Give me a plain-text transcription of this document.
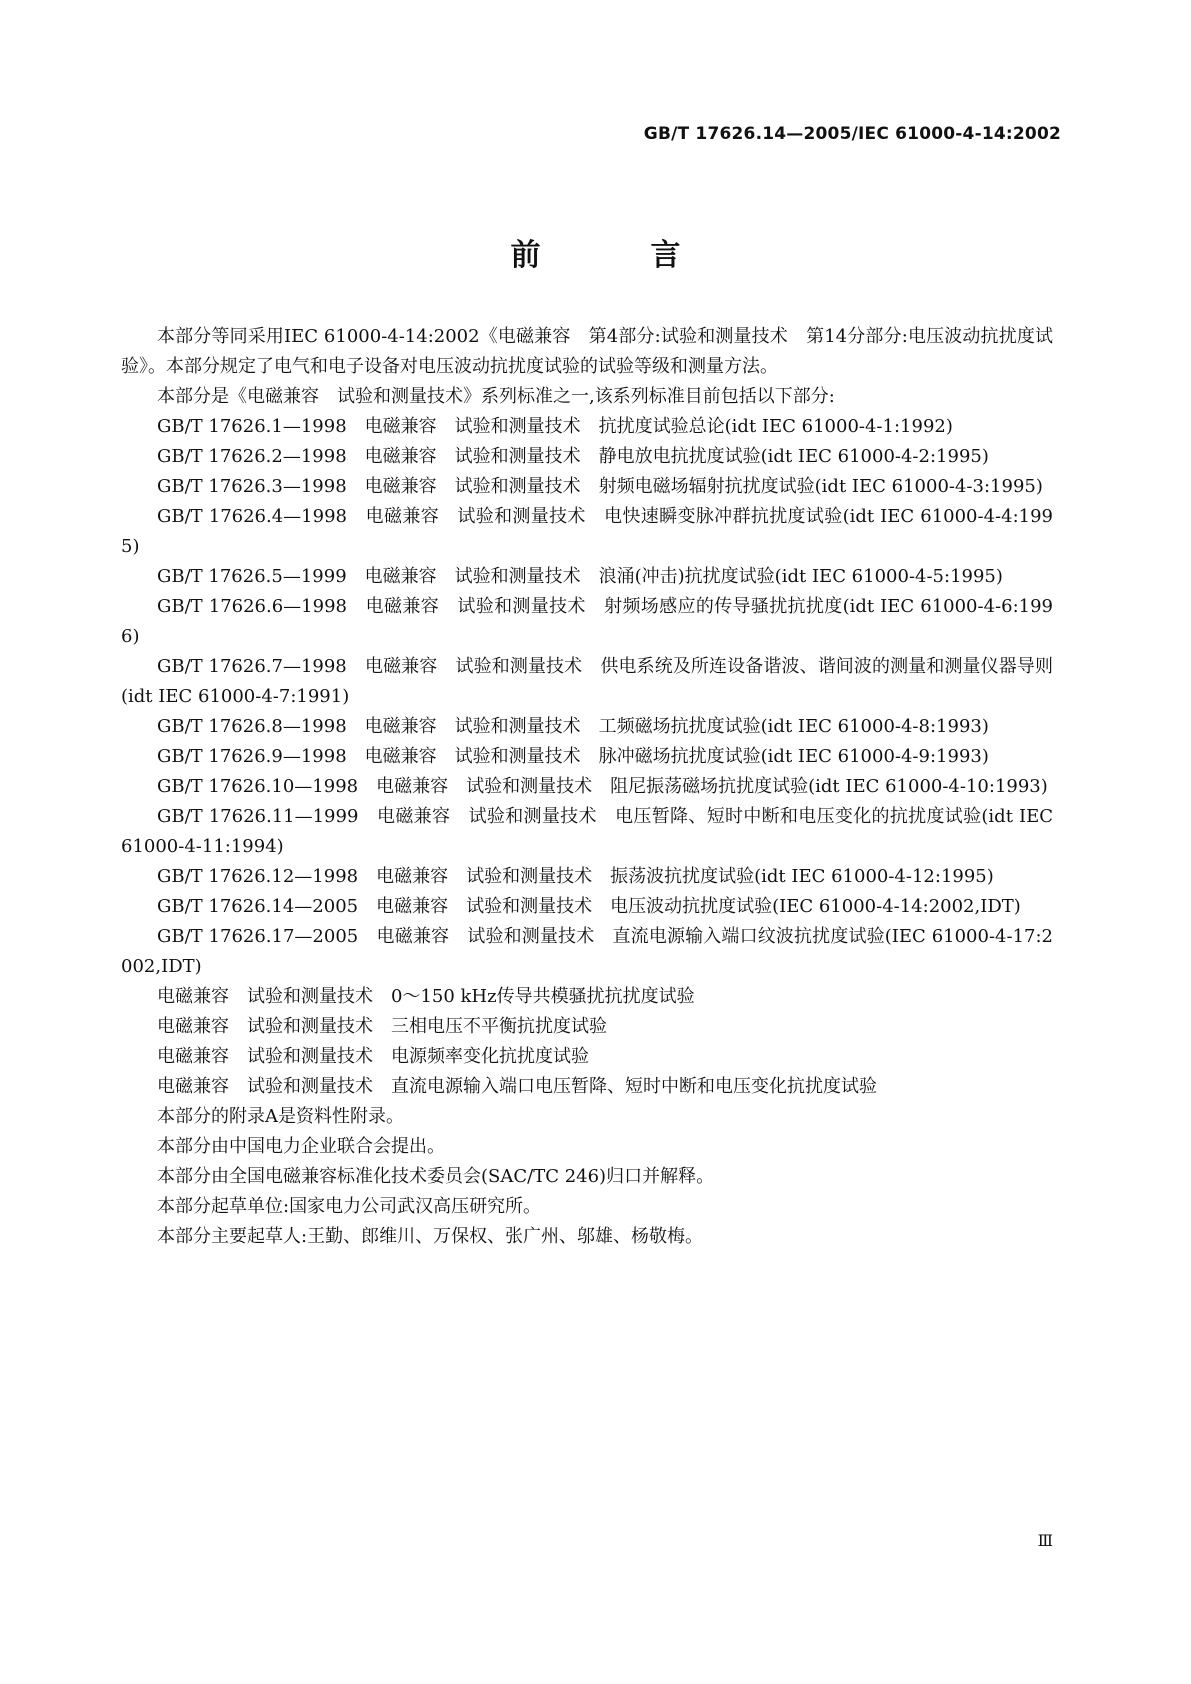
GB/T 17626.14—2005/IEC 61000-4-14:2002
前　言

本部分等同采用IEC 61000-4-14:2002《电磁兼容　第4部分:试验和测量技术　第14分部分:电压波动抗扰度试验》。本部分规定了电气和电子设备对电压波动抗扰度试验的试验等级和测量方法。

本部分是《电磁兼容　试验和测量技术》系列标准之一,该系列标准目前包括以下部分:

GB/T 17626.1—1998　电磁兼容　试验和测量技术　抗扰度试验总论(idt IEC 61000-4-1:1992)

GB/T 17626.2—1998　电磁兼容　试验和测量技术　静电放电抗扰度试验(idt IEC 61000-4-2:1995)

GB/T 17626.3—1998　电磁兼容　试验和测量技术　射频电磁场辐射抗扰度试验(idt IEC 61000-4-3:1995)

GB/T 17626.4—1998　电磁兼容　试验和测量技术　电快速瞬变脉冲群抗扰度试验(idt IEC 61000-4-4:1995)

GB/T 17626.5—1999　电磁兼容　试验和测量技术　浪涌(冲击)抗扰度试验(idt IEC 61000-4-5:1995)

GB/T 17626.6—1998　电磁兼容　试验和测量技术　射频场感应的传导骚扰抗扰度(idt IEC 61000-4-6:1996)

GB/T 17626.7—1998　电磁兼容　试验和测量技术　供电系统及所连设备谐波、谐间波的测量和测量仪器导则(idt IEC 61000-4-7:1991)

GB/T 17626.8—1998　电磁兼容　试验和测量技术　工频磁场抗扰度试验(idt IEC 61000-4-8:1993)

GB/T 17626.9—1998　电磁兼容　试验和测量技术　脉冲磁场抗扰度试验(idt IEC 61000-4-9:1993)

GB/T 17626.10—1998　电磁兼容　试验和测量技术　阻尼振荡磁场抗扰度试验(idt IEC 61000-4-10:1993)

GB/T 17626.11—1999　电磁兼容　试验和测量技术　电压暂降、短时中断和电压变化的抗扰度试验(idt IEC 61000-4-11:1994)

GB/T 17626.12—1998　电磁兼容　试验和测量技术　振荡波抗扰度试验(idt IEC 61000-4-12:1995)

GB/T 17626.14—2005　电磁兼容　试验和测量技术　电压波动抗扰度试验(IEC 61000-4-14:2002,IDT)

GB/T 17626.17—2005　电磁兼容　试验和测量技术　直流电源输入端口纹波抗扰度试验(IEC 61000-4-17:2002,IDT)

电磁兼容　试验和测量技术　0～150 kHz传导共模骚扰抗扰度试验

电磁兼容　试验和测量技术　三相电压不平衡抗扰度试验

电磁兼容　试验和测量技术　电源频率变化抗扰度试验

电磁兼容　试验和测量技术　直流电源输入端口电压暂降、短时中断和电压变化抗扰度试验

本部分的附录A是资料性附录。

本部分由中国电力企业联合会提出。

本部分由全国电磁兼容标准化技术委员会(SAC/TC 246)归口并解释。

本部分起草单位:国家电力公司武汉高压研究所。

本部分主要起草人:王勤、郎维川、万保权、张广州、邬雄、杨敬梅。

Ⅲ
